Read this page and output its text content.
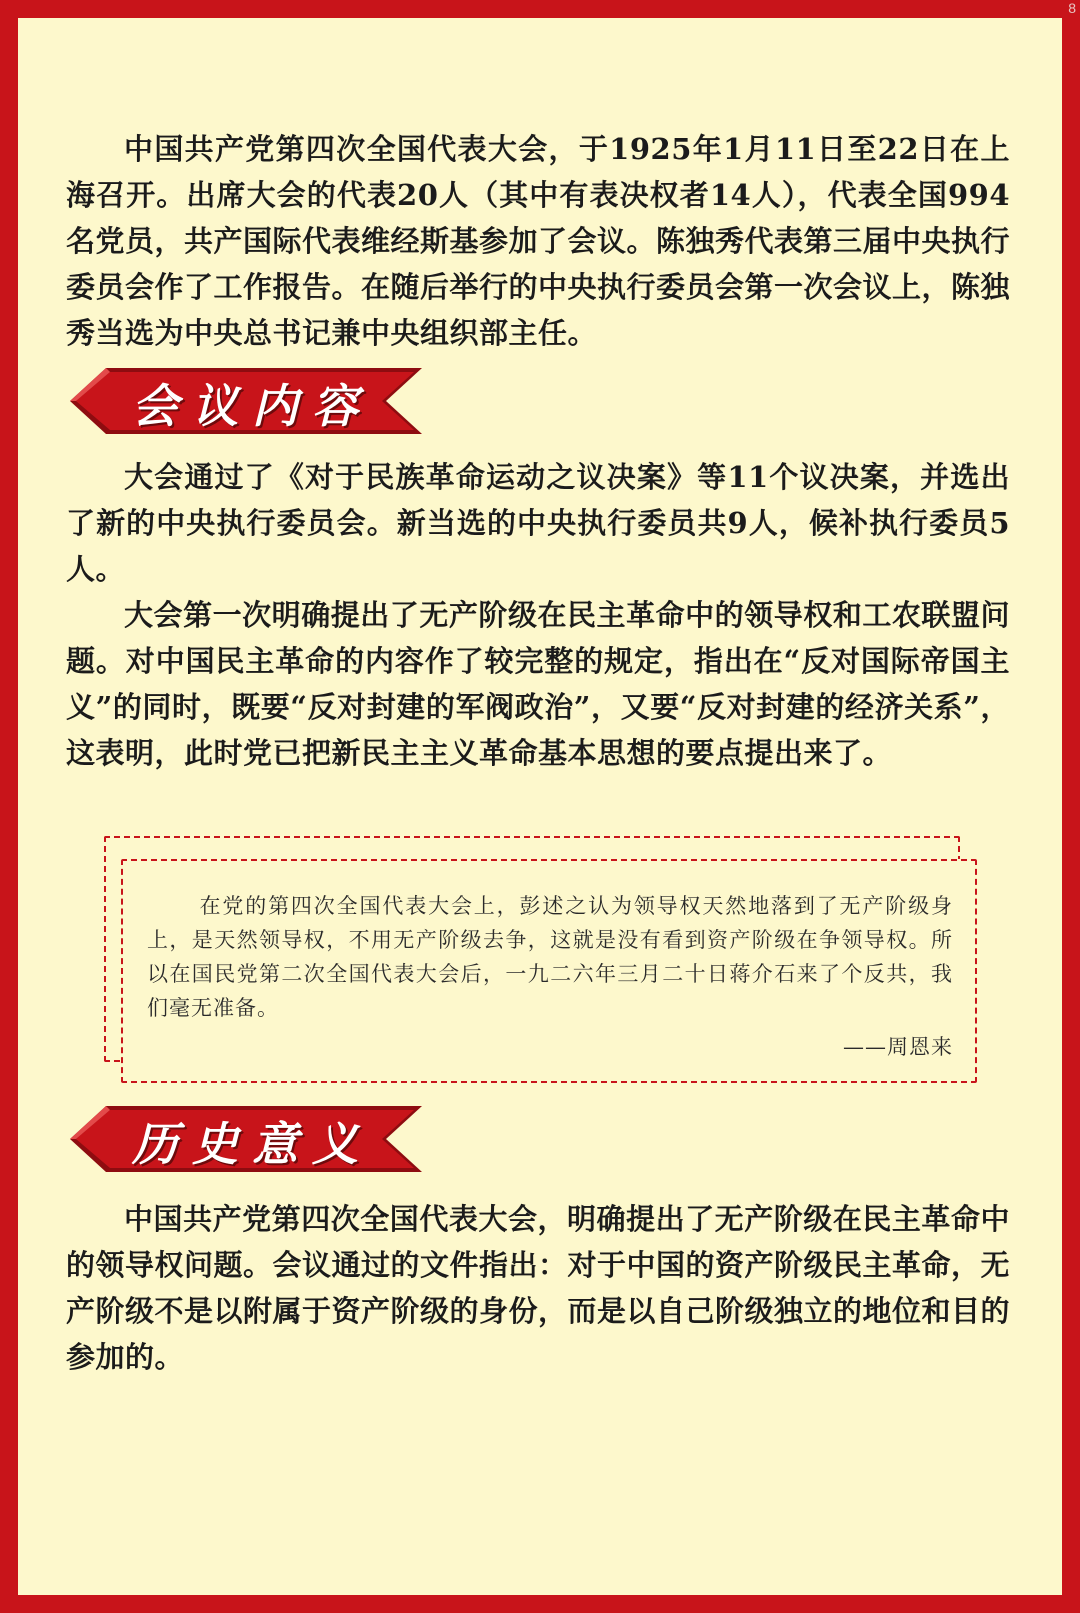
8

中国共产党第四次全国代表大会，于1925年1月11日至22日在上海召开。出席大会的代表20人（其中有表决权者14人），代表全国994名党员，共产国际代表维经斯基参加了会议。陈独秀代表第三届中央执行委员会作了工作报告。在随后举行的中央执行委员会第一次会议上，陈独秀当选为中央总书记兼中央组织部主任。

会议内容

大会通过了《对于民族革命运动之议决案》等11个议决案，并选出了新的中央执行委员会。新当选的中央执行委员共9人，候补执行委员5人。

大会第一次明确提出了无产阶级在民主革命中的领导权和工农联盟问题。对中国民主革命的内容作了较完整的规定，指出在“反对国际帝国主义”的同时，既要“反对封建的军阀政治”，又要“反对封建的经济关系”，这表明，此时党已把新民主主义革命基本思想的要点提出来了。

在党的第四次全国代表大会上，彭述之认为领导权天然地落到了无产阶级身上，是天然领导权，不用无产阶级去争，这就是没有看到资产阶级在争领导权。所以在国民党第二次全国代表大会后，一九二六年三月二十日蒋介石来了个反共，我们毫无准备。

——周恩来
历史意义

中国共产党第四次全国代表大会，明确提出了无产阶级在民主革命中的领导权问题。会议通过的文件指出：对于中国的资产阶级民主革命，无产阶级不是以附属于资产阶级的身份，而是以自己阶级独立的地位和目的参加的。
